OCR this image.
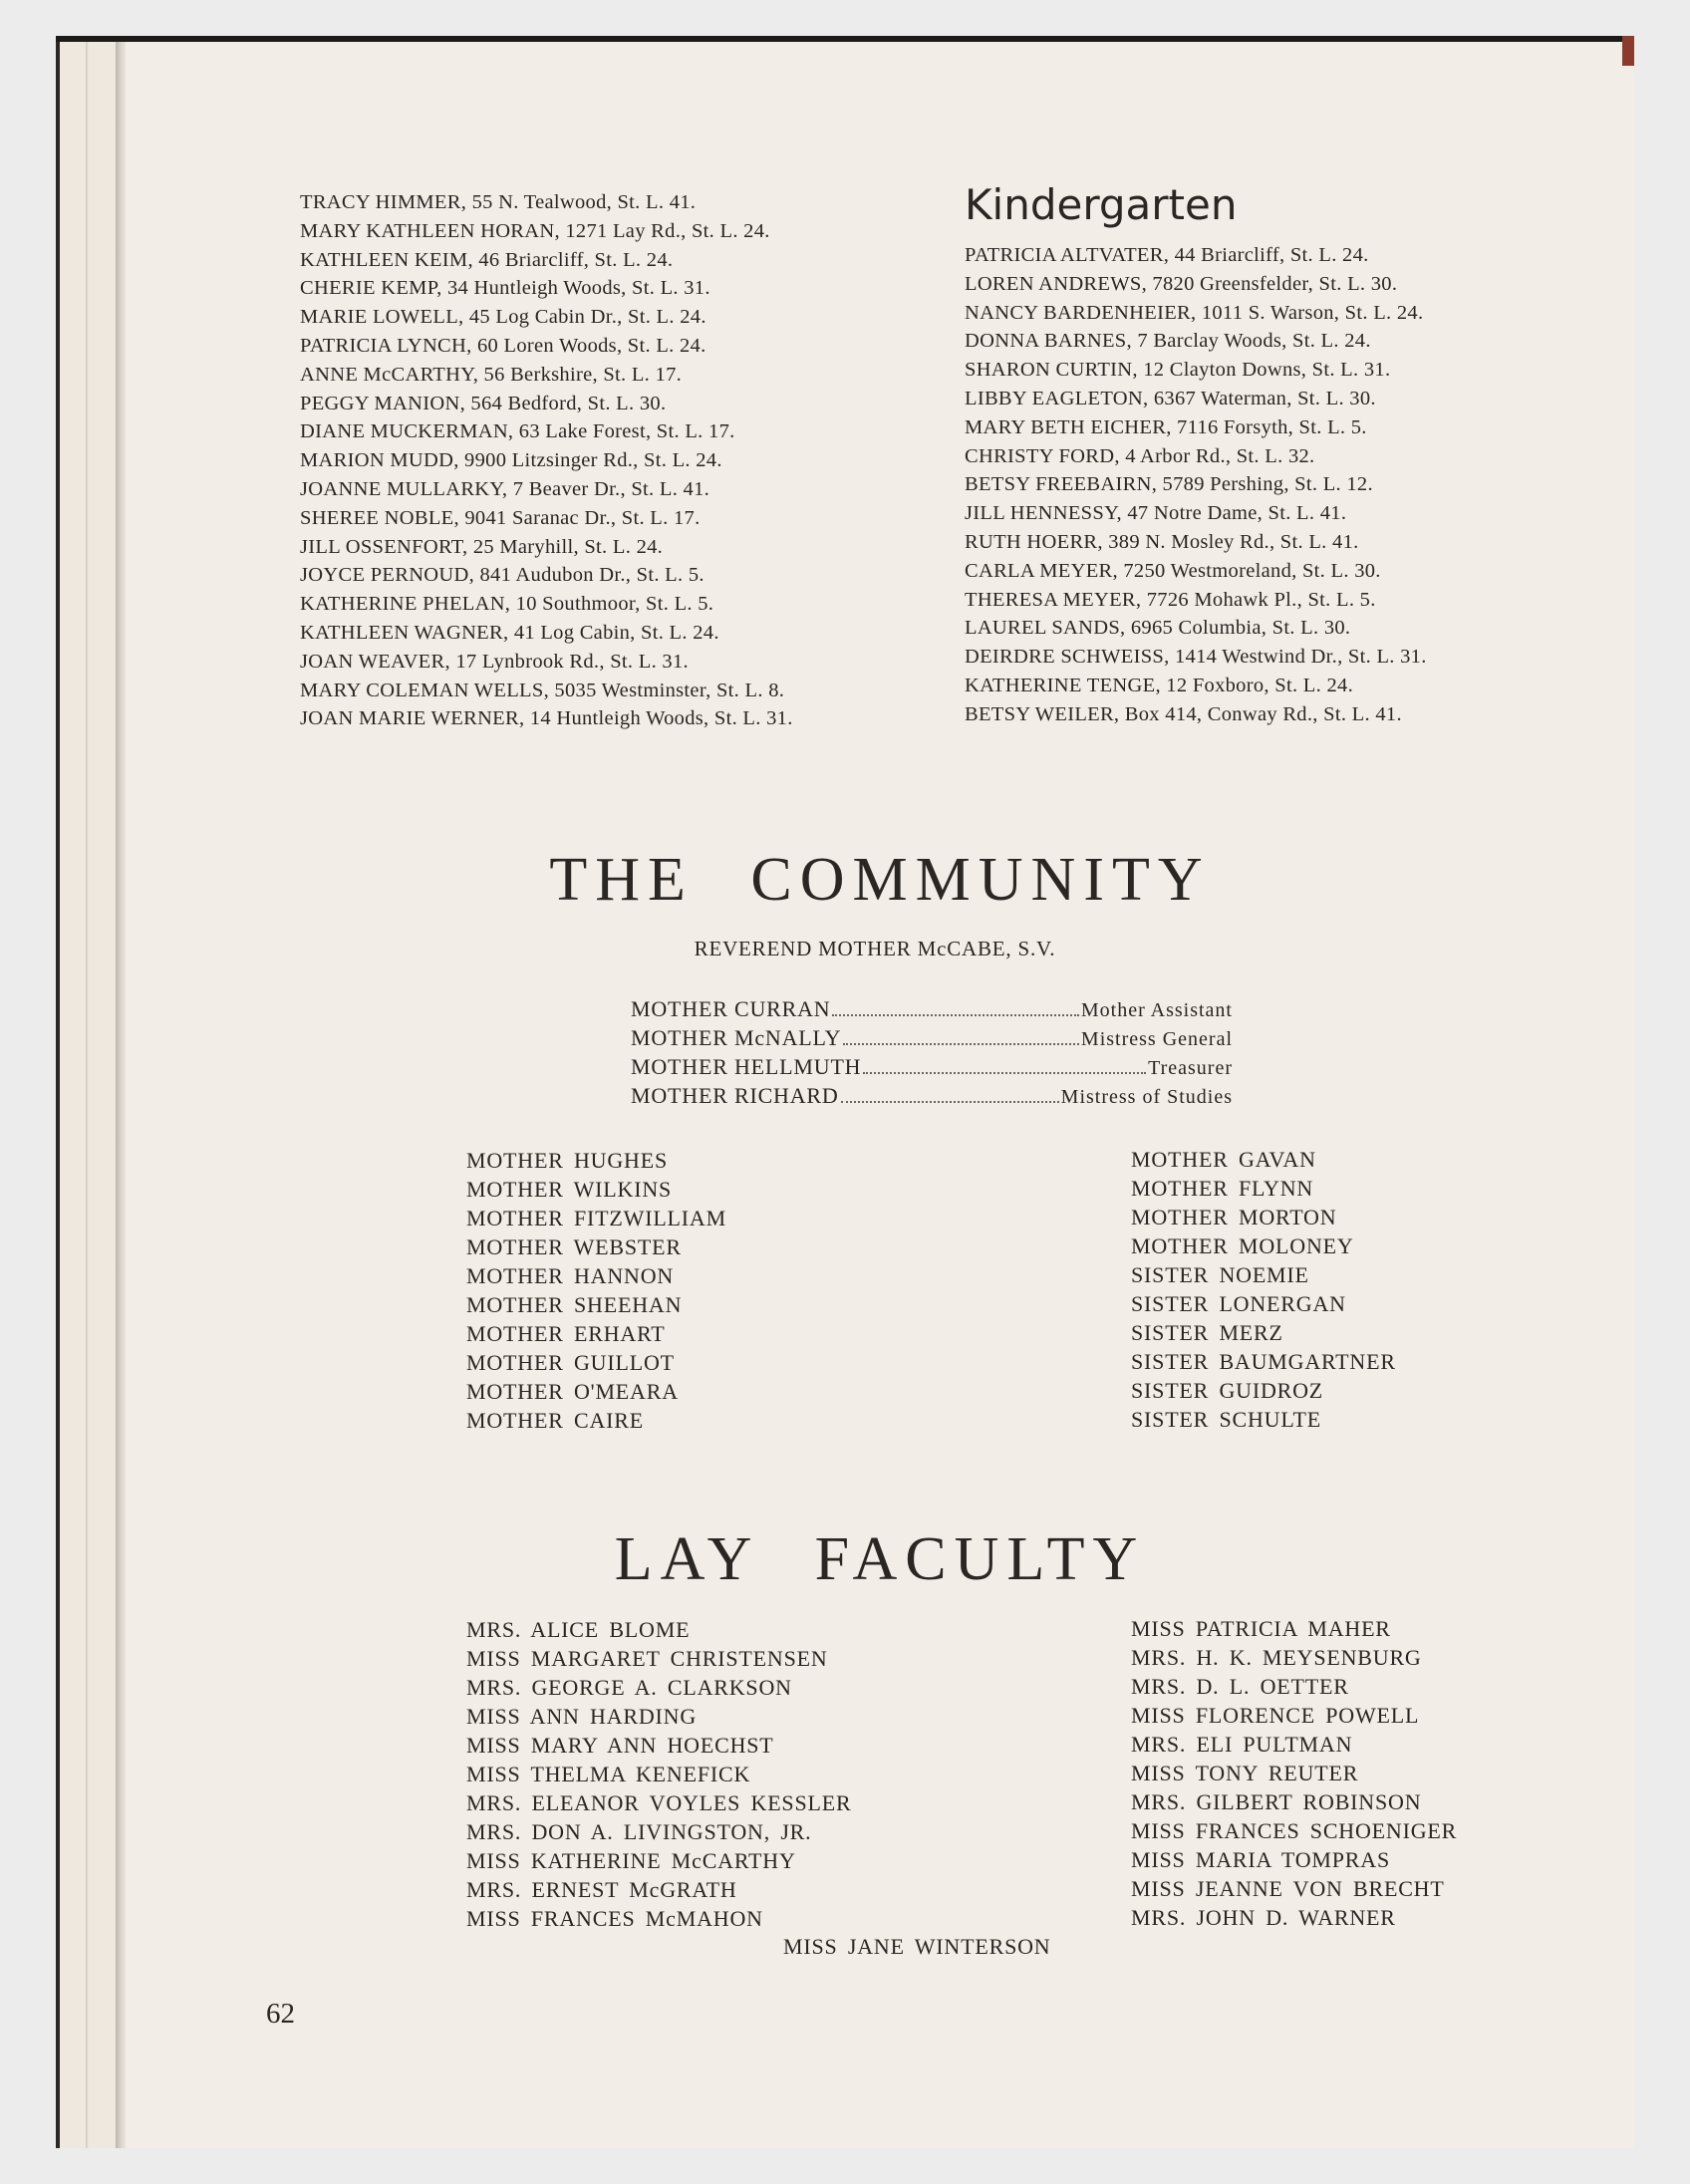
TRACY HIMMER, 55 N. Tealwood, St. L. 41.
MARY KATHLEEN HORAN, 1271 Lay Rd., St. L. 24.
KATHLEEN KEIM, 46 Briarcliff, St. L. 24.
CHERIE KEMP, 34 Huntleigh Woods, St. L. 31.
MARIE LOWELL, 45 Log Cabin Dr., St. L. 24.
PATRICIA LYNCH, 60 Loren Woods, St. L. 24.
ANNE McCARTHY, 56 Berkshire, St. L. 17.
PEGGY MANION, 564 Bedford, St. L. 30.
DIANE MUCKERMAN, 63 Lake Forest, St. L. 17.
MARION MUDD, 9900 Litzsinger Rd., St. L. 24.
JOANNE MULLARKY, 7 Beaver Dr., St. L. 41.
SHEREE NOBLE, 9041 Saranac Dr., St. L. 17.
JILL OSSENFORT, 25 Maryhill, St. L. 24.
JOYCE PERNOUD, 841 Audubon Dr., St. L. 5.
KATHERINE PHELAN, 10 Southmoor, St. L. 5.
KATHLEEN WAGNER, 41 Log Cabin, St. L. 24.
JOAN WEAVER, 17 Lynbrook Rd., St. L. 31.
MARY COLEMAN WELLS, 5035 Westminster, St. L. 8.
JOAN MARIE WERNER, 14 Huntleigh Woods, St. L. 31.
Kindergarten
PATRICIA ALTVATER, 44 Briarcliff, St. L. 24.
LOREN ANDREWS, 7820 Greensfelder, St. L. 30.
NANCY BARDENHEIER, 1011 S. Warson, St. L. 24.
DONNA BARNES, 7 Barclay Woods, St. L. 24.
SHARON CURTIN, 12 Clayton Downs, St. L. 31.
LIBBY EAGLETON, 6367 Waterman, St. L. 30.
MARY BETH EICHER, 7116 Forsyth, St. L. 5.
CHRISTY FORD, 4 Arbor Rd., St. L. 32.
BETSY FREEBAIRN, 5789 Pershing, St. L. 12.
JILL HENNESSY, 47 Notre Dame, St. L. 41.
RUTH HOERR, 389 N. Mosley Rd., St. L. 41.
CARLA MEYER, 7250 Westmoreland, St. L. 30.
THERESA MEYER, 7726 Mohawk Pl., St. L. 5.
LAUREL SANDS, 6965 Columbia, St. L. 30.
DEIRDRE SCHWEISS, 1414 Westwind Dr., St. L. 31.
KATHERINE TENGE, 12 Foxboro, St. L. 24.
BETSY WEILER, Box 414, Conway Rd., St. L. 41.
THE COMMUNITY
REVEREND MOTHER McCABE, S.V.
MOTHER CURRAN	Mother Assistant
MOTHER McNALLY	Mistress General
MOTHER HELLMUTH	Treasurer
MOTHER RICHARD	Mistress of Studies
MOTHER HUGHES
MOTHER WILKINS
MOTHER FITZWILLIAM
MOTHER WEBSTER
MOTHER HANNON
MOTHER SHEEHAN
MOTHER ERHART
MOTHER GUILLOT
MOTHER O'MEARA
MOTHER CAIRE
MOTHER GAVAN
MOTHER FLYNN
MOTHER MORTON
MOTHER MOLONEY
SISTER NOEMIE
SISTER LONERGAN
SISTER MERZ
SISTER BAUMGARTNER
SISTER GUIDROZ
SISTER SCHULTE
LAY FACULTY
MRS. ALICE BLOME
MISS MARGARET CHRISTENSEN
MRS. GEORGE A. CLARKSON
MISS ANN HARDING
MISS MARY ANN HOECHST
MISS THELMA KENEFICK
MRS. ELEANOR VOYLES KESSLER
MRS. DON A. LIVINGSTON, JR.
MISS KATHERINE McCARTHY
MRS. ERNEST McGRATH
MISS FRANCES McMAHON
MISS PATRICIA MAHER
MRS. H. K. MEYSENBURG
MRS. D. L. OETTER
MISS FLORENCE POWELL
MRS. ELI PULTMAN
MISS TONY REUTER
MRS. GILBERT ROBINSON
MISS FRANCES SCHOENIGER
MISS MARIA TOMPRAS
MISS JEANNE VON BRECHT
MRS. JOHN D. WARNER
MISS JANE WINTERSON
62
